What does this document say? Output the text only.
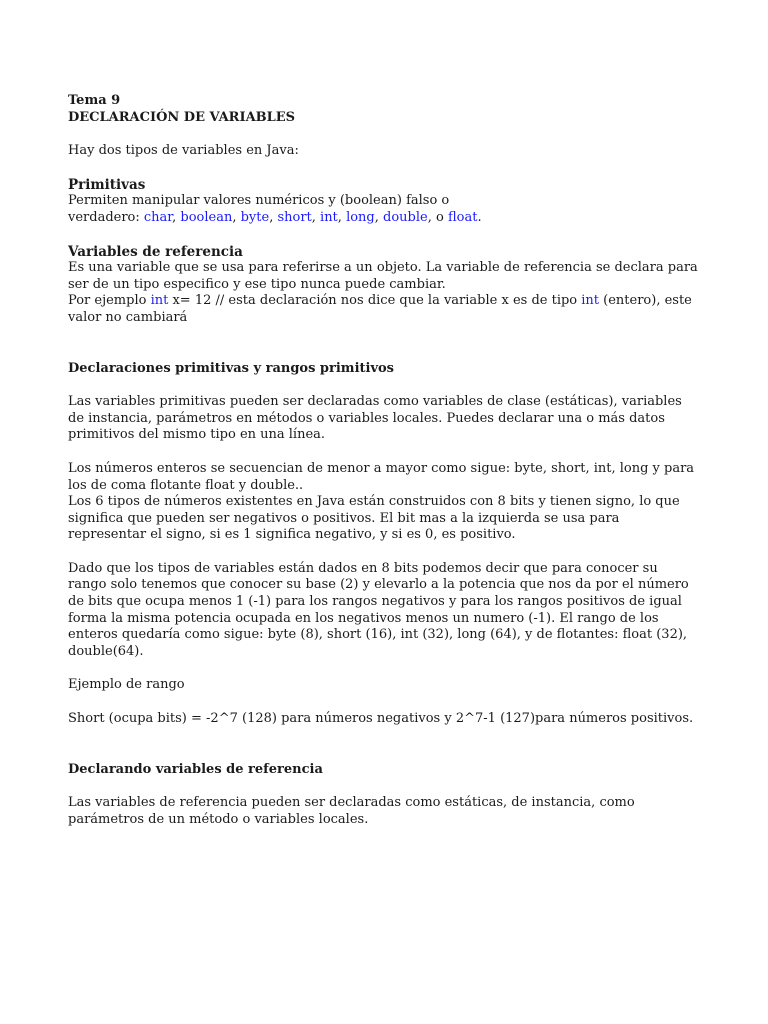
Tema 9

DECLARACIÓN DE VARIABLES

Hay dos tipos de variables en Java:

Primitivas

Permiten manipular valores numéricos y (boolean) falso o

verdadero: char, boolean, byte, short, int, long, double, o float.

Variables de referencia

Es una variable que se usa para referirse a un objeto. La variable de referencia se declara para ser de un tipo especifico y ese tipo nunca puede cambiar.

Por ejemplo int x= 12 // esta declaración nos dice que la variable x es de tipo int (entero), este valor no cambiará

Declaraciones primitivas y rangos primitivos

Las variables primitivas pueden ser declaradas como variables de clase (estáticas), variables de instancia, parámetros en métodos o variables locales. Puedes declarar una o más datos primitivos del mismo tipo en una línea.

Los números enteros se secuencian de menor a mayor como sigue: byte, short, int, long y para los de coma flotante float y double..

Los 6 tipos de números existentes en Java están construidos con 8 bits y tienen signo, lo que significa que pueden ser negativos o positivos. El bit mas a la izquierda se usa para representar el signo, si es 1 significa negativo, y si es 0, es positivo.

Dado que los tipos de variables están dados en 8 bits podemos decir que para conocer su rango solo tenemos que conocer su base (2) y elevarlo a la potencia que nos da por el número de bits que ocupa menos 1 (-1) para los rangos negativos y para los rangos positivos de igual forma la misma potencia ocupada en los negativos menos un numero (-1). El rango de los enteros quedaría como sigue: byte (8), short (16), int (32), long (64), y de flotantes: float (32), double(64).

Ejemplo de rango

Short (ocupa bits) = -2^7 (128) para números negativos y 2^7-1 (127)para números positivos.

Declarando variables de referencia

Las variables de referencia pueden ser declaradas como estáticas, de instancia, como parámetros de un método o variables locales.
